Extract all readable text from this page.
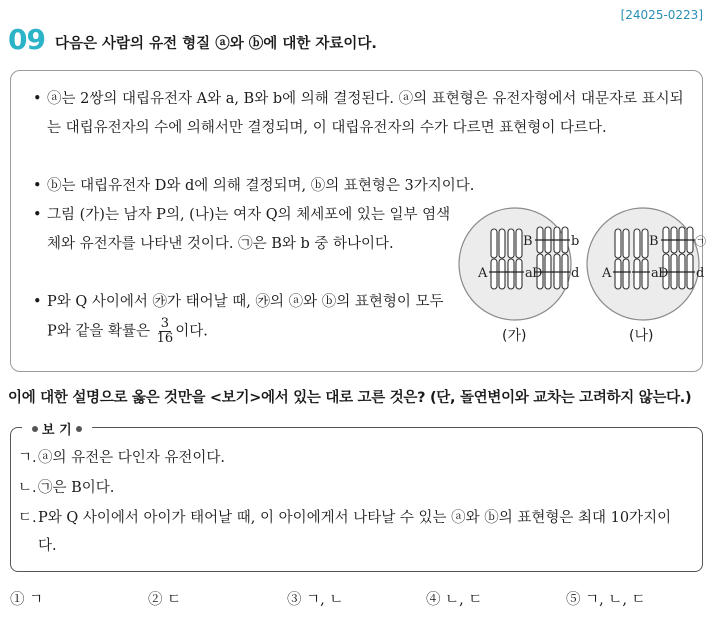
[24025-0223]
09 다음은 사람의 유전 형질 ⓐ와 ⓑ에 대한 자료이다.
• ⓐ는 2쌍의 대립유전자 A와 a, B와 b에 의해 결정된다. ⓐ의 표현형은 유전자형에서 대문자로 표시되는 대립유전자의 수에 의해서만 결정되며, 이 대립유전자의 수가 다르면 표현형이 다르다.
• ⓑ는 대립유전자 D와 d에 의해 결정되며, ⓑ의 표현형은 3가지이다.
• 그림 (가)는 남자 P의, (나)는 여자 Q의 체세포에 있는 일부 염색체와 유전자를 나타낸 것이다. ㉠은 B와 b 중 하나이다.
• P와 Q 사이에서 ㉮가 태어날 때, ㉮의 ⓐ와 ⓑ의 표현형이 모두 P와 같을 확률은 $\frac{3}{16}$ 이다.
A	a
B	b
D d A	a
B	㉠
D d
(가)	(나)
이에 대한 설명으로 옳은 것만을 <보기>에서 있는 대로 고른 것은? (단, 돌연변이와 교차는 고려하지 않는다.)
보 기
ㄱ. ⓐ의 유전은 다인자 유전이다.
ㄴ. ㉠은 B이다.
ㄷ. P와 Q 사이에서 아이가 태어날 때, 이 아이에게서 나타날 수 있는 ⓐ와 ⓑ의 표현형은 최대 10가지이다.
① ㄱ	② ㄷ	③ ㄱ, ㄴ	④ ㄴ, ㄷ	⑤ ㄱ, ㄴ, ㄷ
